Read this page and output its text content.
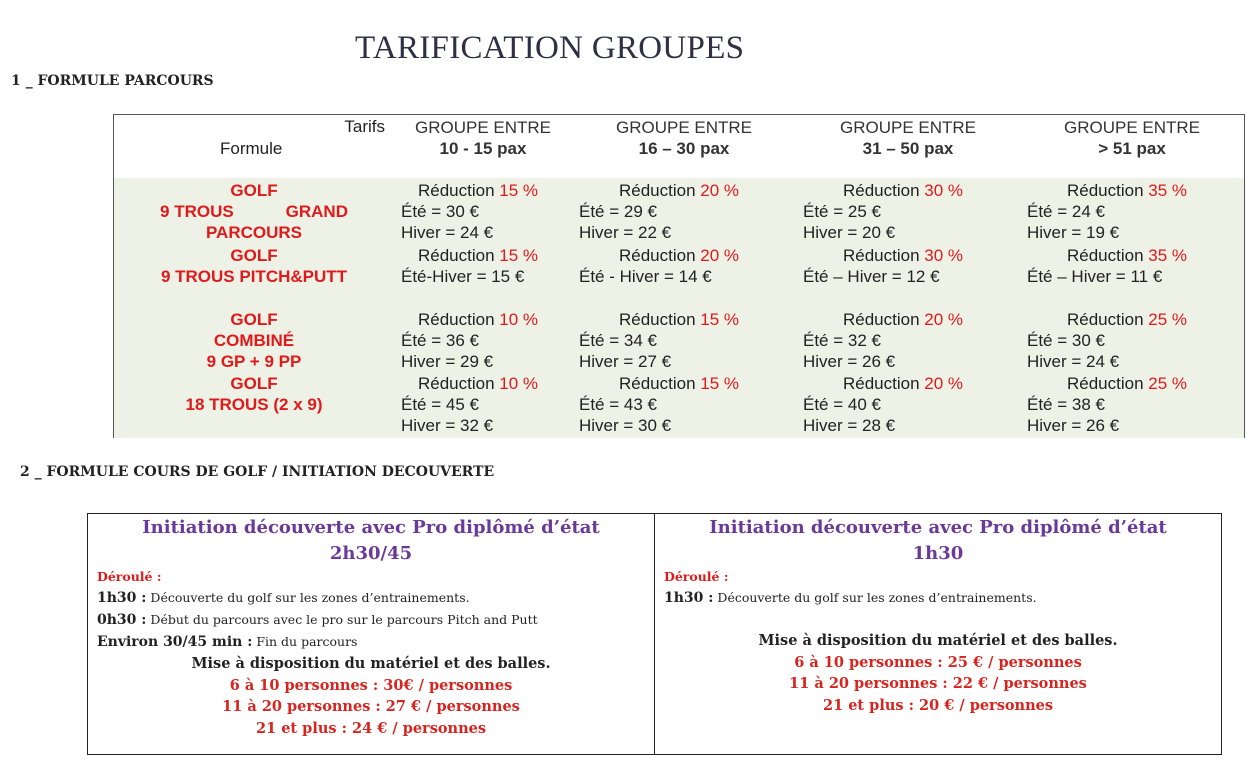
TARIFICATION GROUPES
1 _ FORMULE PARCOURS
Tarifs
Formule
GROUPE ENTRE
10 - 15 pax
GROUPE ENTRE
16 – 30 pax
GROUPE ENTRE
31 – 50 pax
GROUPE ENTRE
> 51 pax
GOLF
9 TROUS           GRAND
PARCOURS
Réduction 15 %
Été = 30 €
Hiver = 24 €
Réduction 20 %
Été = 29 €
Hiver = 22 €
Réduction 30 %
Été = 25 €
Hiver = 20 €
Réduction 35 %
Été = 24 €
Hiver = 19 €
GOLF
9 TROUS PITCH&PUTT
Réduction 15 %
Été-Hiver = 15 €
Réduction 20 %
Été - Hiver = 14 €
Réduction 30 %
Été – Hiver = 12 €
Réduction 35 %
Été – Hiver = 11 €
GOLF
COMBINÉ
9 GP + 9 PP
Réduction 10 %
Été = 36 €
Hiver = 29 €
Réduction 15 %
Été = 34 €
Hiver = 27 €
Réduction 20 %
Été = 32 €
Hiver = 26 €
Réduction 25 %
Été = 30 €
Hiver = 24 €
GOLF
18 TROUS (2 x 9)
Réduction 10 %
Été = 45 €
Hiver = 32 €
Réduction 15 %
Été = 43 €
Hiver = 30 €
Réduction 20 %
Été = 40 €
Hiver = 28 €
Réduction 25 %
Été = 38 €
Hiver = 26 €
2 _ FORMULE COURS DE GOLF / INITIATION DECOUVERTE
Initiation découverte avec Pro diplômé d’état
2h30/45
Déroulé :
1h30 : Découverte du golf sur les zones d’entrainements.
0h30 : Début du parcours avec le pro sur le parcours Pitch and Putt
Environ 30/45 min : Fin du parcours
Mise à disposition du matériel et des balles.
6 à 10 personnes : 30€ / personnes
11 à 20 personnes : 27 € / personnes
21 et plus : 24 € / personnes
Initiation découverte avec Pro diplômé d’état
1h30
Déroulé :
1h30 : Découverte du golf sur les zones d’entrainements.
Mise à disposition du matériel et des balles.
6 à 10 personnes : 25 € / personnes
11 à 20 personnes : 22 € / personnes
21 et plus : 20 € / personnes
